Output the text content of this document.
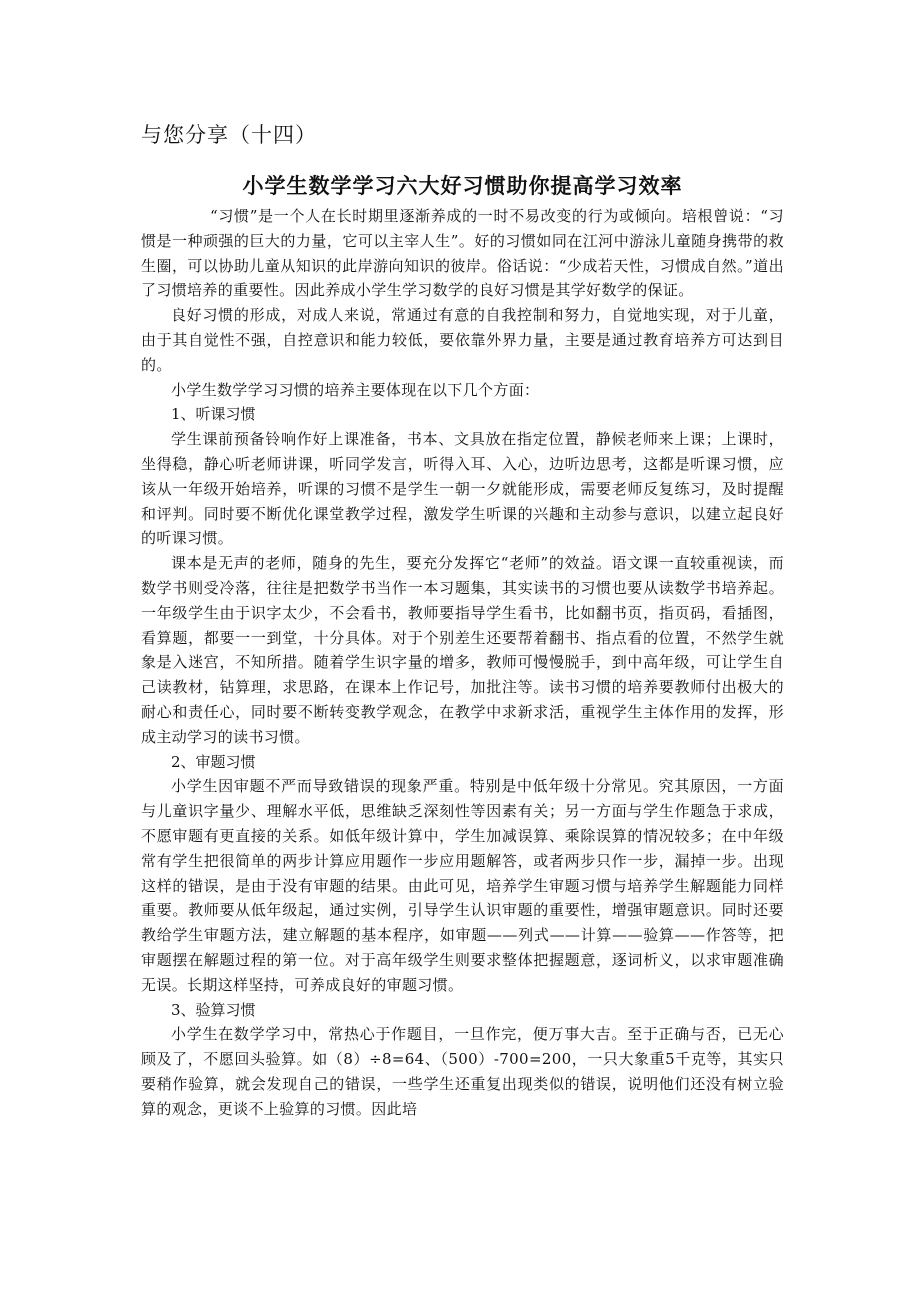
与您分享（十四）
小学生数学学习六大好习惯助你提高学习效率

“习惯”是一个人在长时期里逐渐养成的一时不易改变的行为或倾向。培根曾说：“习惯是一种顽强的巨大的力量，它可以主宰人生”。好的习惯如同在江河中游泳儿童随身携带的救生圈，可以协助儿童从知识的此岸游向知识的彼岸。俗话说：“少成若天性，习惯成自然。”道出了习惯培养的重要性。因此养成小学生学习数学的良好习惯是其学好数学的保证。

良好习惯的形成，对成人来说，常通过有意的自我控制和努力，自觉地实现，对于儿童，由于其自觉性不强，自控意识和能力较低，要依靠外界力量，主要是通过教育培养方可达到目的。

小学生数学学习习惯的培养主要体现在以下几个方面：

1、听课习惯

学生课前预备铃响作好上课准备，书本、文具放在指定位置，静候老师来上课；上课时，坐得稳，静心听老师讲课，听同学发言，听得入耳、入心，边听边思考，这都是听课习惯，应该从一年级开始培养，听课的习惯不是学生一朝一夕就能形成，需要老师反复练习，及时提醒和评判。同时要不断优化课堂教学过程，激发学生听课的兴趣和主动参与意识，以建立起良好的听课习惯。

课本是无声的老师，随身的先生，要充分发挥它“老师”的效益。语文课一直较重视读，而数学书则受冷落，往往是把数学书当作一本习题集，其实读书的习惯也要从读数学书培养起。一年级学生由于识字太少，不会看书，教师要指导学生看书，比如翻书页，指页码，看插图，看算题，都要一一到堂，十分具体。对于个别差生还要帮着翻书、指点看的位置，不然学生就象是入迷宫，不知所措。随着学生识字量的增多，教师可慢慢脱手，到中高年级，可让学生自己读教材，钻算理，求思路，在课本上作记号，加批注等。读书习惯的培养要教师付出极大的耐心和责任心，同时要不断转变教学观念，在教学中求新求活，重视学生主体作用的发挥，形成主动学习的读书习惯。

2、审题习惯

小学生因审题不严而导致错误的现象严重。特别是中低年级十分常见。究其原因，一方面与儿童识字量少、理解水平低，思维缺乏深刻性等因素有关；另一方面与学生作题急于求成，不愿审题有更直接的关系。如低年级计算中，学生加减误算、乘除误算的情况较多；在中年级常有学生把很简单的两步计算应用题作一步应用题解答，或者两步只作一步，漏掉一步。出现这样的错误，是由于没有审题的结果。由此可见，培养学生审题习惯与培养学生解题能力同样重要。教师要从低年级起，通过实例，引导学生认识审题的重要性，增强审题意识。同时还要教给学生审题方法，建立解题的基本程序，如审题——列式——计算——验算——作答等，把审题摆在解题过程的第一位。对于高年级学生则要求整体把握题意，逐词析义，以求审题准确无误。长期这样坚持，可养成良好的审题习惯。

3、验算习惯

小学生在数学学习中，常热心于作题目，一旦作完，便万事大吉。至于正确与否，已无心顾及了，不愿回头验算。如（8）÷8=64、（500）-700=200，一只大象重5千克等，其实只要稍作验算，就会发现自己的错误，一些学生还重复出现类似的错误，说明他们还没有树立验算的观念，更谈不上验算的习惯。因此培
